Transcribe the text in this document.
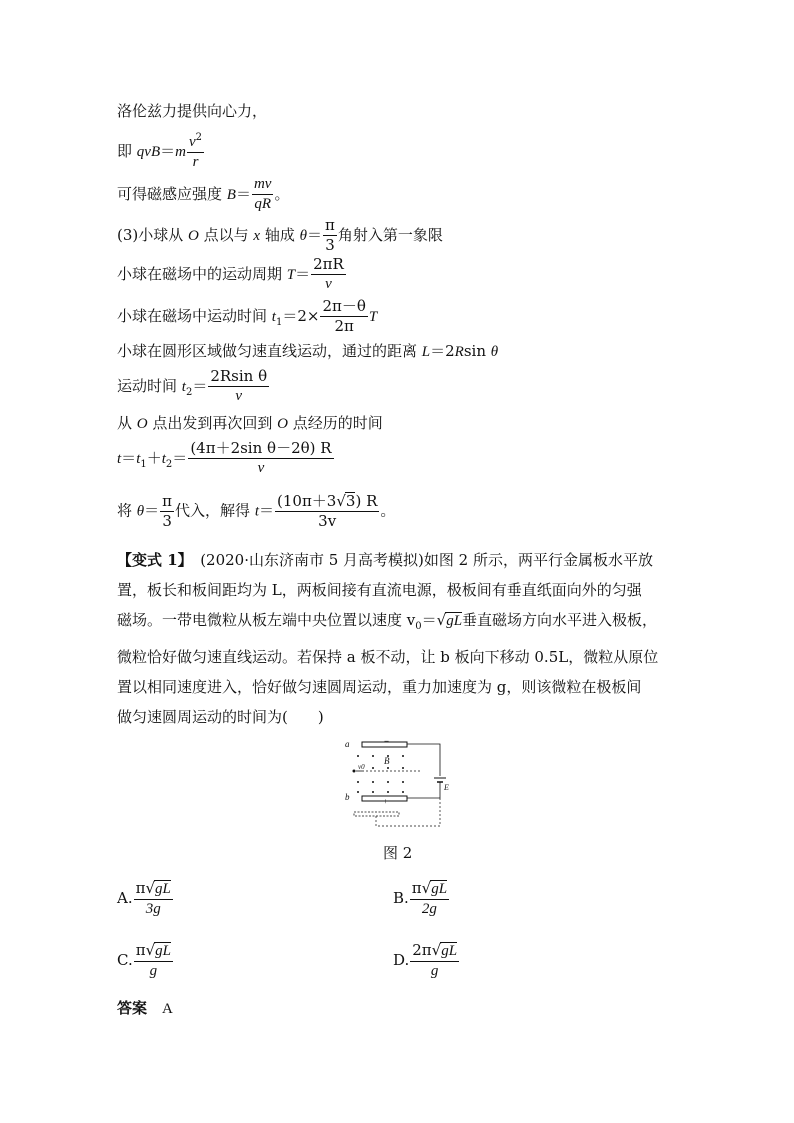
洛伦兹力提供向心力，
即 $qvB=m \frac{v^2}{r}$
可得磁感应强度 $B= \frac{mv}{qR}$ 。
(3)小球从 O 点以与 x 轴成 $\theta= \frac{\pi}{3}$ 角射入第一象限
小球在磁场中的运动周期 $T= \frac{2\pi R}{v}$
小球在磁场中运动时间 $t_1=2\times \frac{2\pi-\theta}{2\pi}$ T
小球在圆形区域做匀速直线运动，通过的距离 L＝2Rsin θ
运动时间 $t_2= \frac{\text{2Rsin θ}}{v}$
从 O 点出发到再次回到 O 点经历的时间
$t=t_1+t_2= \frac{\text{(4π＋2sin θ－2θ) R}}{v}$
将 $\theta= \frac{\pi}{3}$ 代入，解得 $t= \frac{(10\pi+3√3) R}{3v}$ 。
【变式 1】　 (2020·山东济南市 5 月高考模拟)如图 2 所示，两平行金属板水平放
置，板长和板间距均为 L，两板间接有直流电源，极板间有垂直纸面向外的匀强
磁场。一带电微粒从板左端中央位置以速度 $v_0=√gL$垂直磁场方向水平进入极板，
微粒恰好做匀速直线运动。若保持 a 板不动，让 b 板向下移动 0.5L，微粒从原位
置以相同速度进入，恰好做匀速圆周运动，重力加速度为 g，则该微粒在极板间
做匀速圆周运动的时间为(　　)
−
a
+
b
B
v0
E
图 2
A. $\frac{\pi√gL}{3g}$	B. $\frac{\pi√gL}{2g}$
C. $\frac{\pi√gL}{g}$	D. $\frac{2\pi√gL}{g}$
答案　 A
